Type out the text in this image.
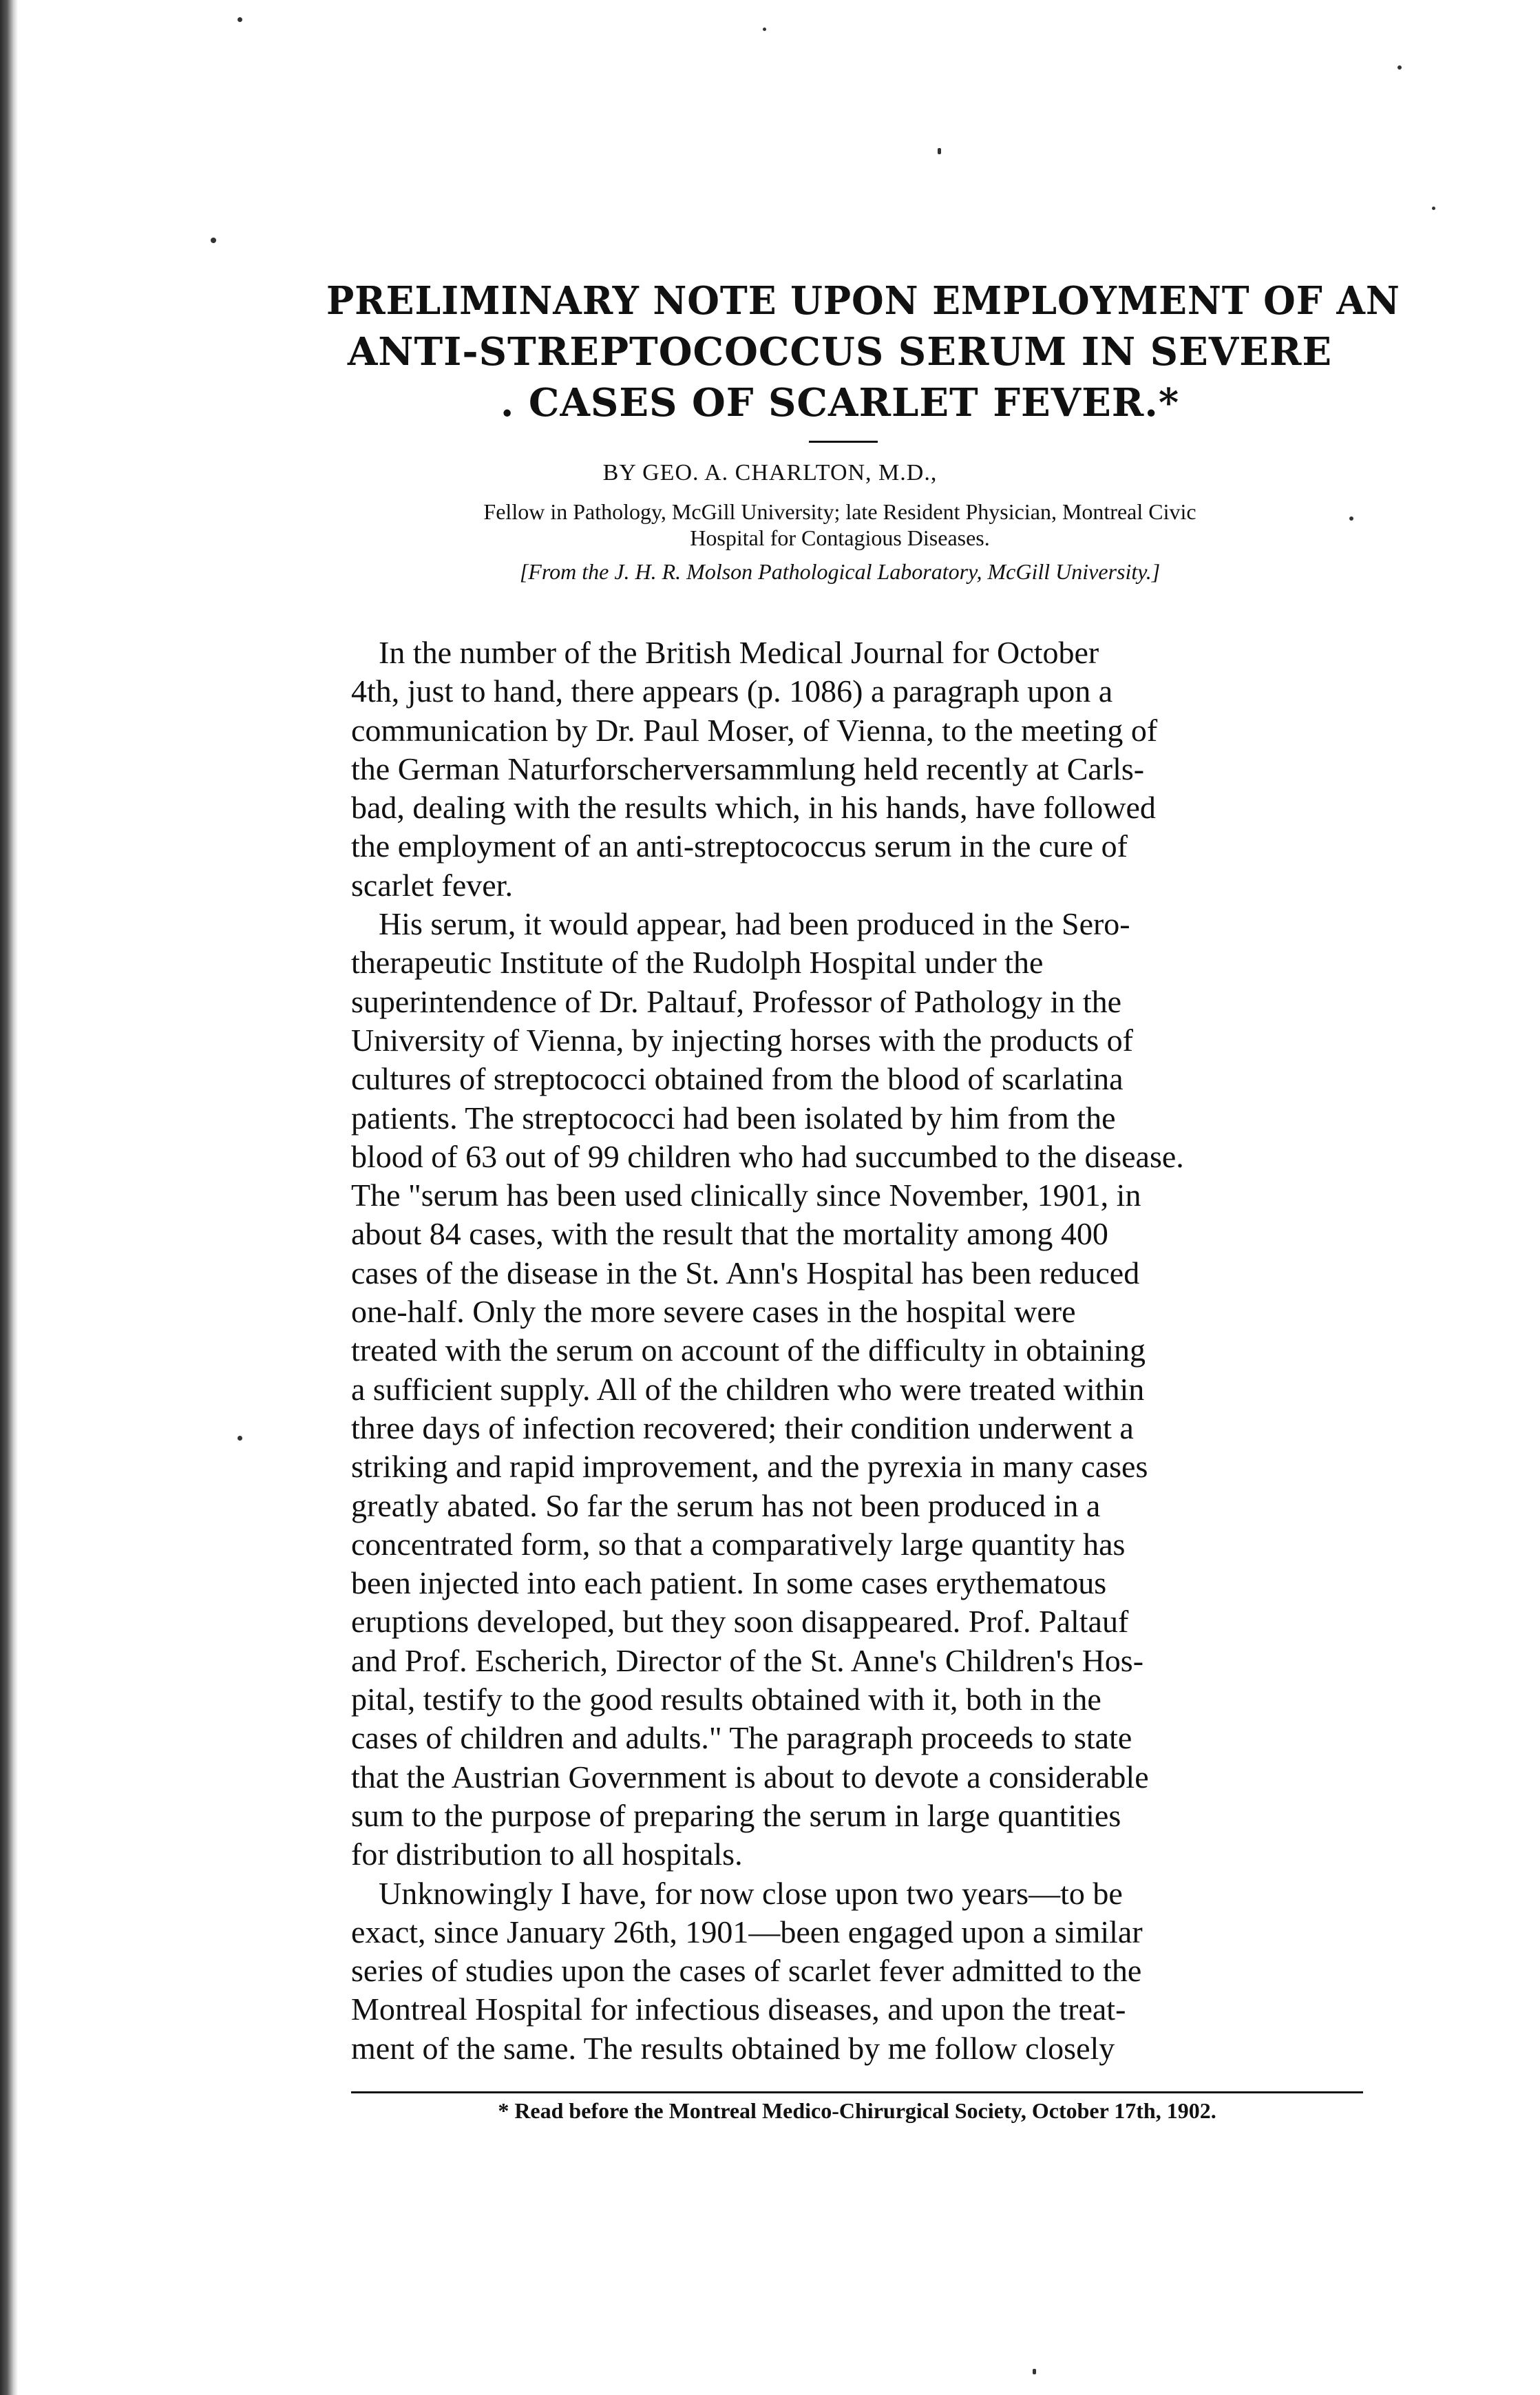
PRELIMINARY NOTE UPON EMPLOYMENT OF AN
ANTI-STREPTOCOCCUS SERUM IN SEVERE
. CASES OF SCARLET FEVER.*
BY GEO. A. CHARLTON, M.D.,
Fellow in Pathology, McGill University; late Resident Physician, Montreal Civic
Hospital for Contagious Diseases.
[From the J. H. R. Molson Pathological Laboratory, McGill University.]
In the number of the British Medical Journal for October
4th, just to hand, there appears (p. 1086) a paragraph upon a
communication by Dr. Paul Moser, of Vienna, to the meeting of
the German Naturforscherversammlung held recently at Carls-
bad, dealing with the results which, in his hands, have followed
the employment of an anti-streptococcus serum in the cure of
scarlet fever.
His serum, it would appear, had been produced in the Sero-
therapeutic Institute of the Rudolph Hospital under the
superintendence of Dr. Paltauf, Professor of Pathology in the
University of Vienna, by injecting horses with the products of
cultures of streptococci obtained from the blood of scarlatina
patients. The streptococci had been isolated by him from the
blood of 63 out of 99 children who had succumbed to the disease.
The "serum has been used clinically since November, 1901, in
about 84 cases, with the result that the mortality among 400
cases of the disease in the St. Ann's Hospital has been reduced
one-half. Only the more severe cases in the hospital were
treated with the serum on account of the difficulty in obtaining
a sufficient supply. All of the children who were treated within
three days of infection recovered; their condition underwent a
striking and rapid improvement, and the pyrexia in many cases
greatly abated. So far the serum has not been produced in a
concentrated form, so that a comparatively large quantity has
been injected into each patient. In some cases erythematous
eruptions developed, but they soon disappeared. Prof. Paltauf
and Prof. Escherich, Director of the St. Anne's Children's Hos-
pital, testify to the good results obtained with it, both in the
cases of children and adults." The paragraph proceeds to state
that the Austrian Government is about to devote a considerable
sum to the purpose of preparing the serum in large quantities
for distribution to all hospitals.
Unknowingly I have, for now close upon two years—to be
exact, since January 26th, 1901—been engaged upon a similar
series of studies upon the cases of scarlet fever admitted to the
Montreal Hospital for infectious diseases, and upon the treat-
ment of the same. The results obtained by me follow closely
* Read before the Montreal Medico-Chirurgical Society, October 17th, 1902.
